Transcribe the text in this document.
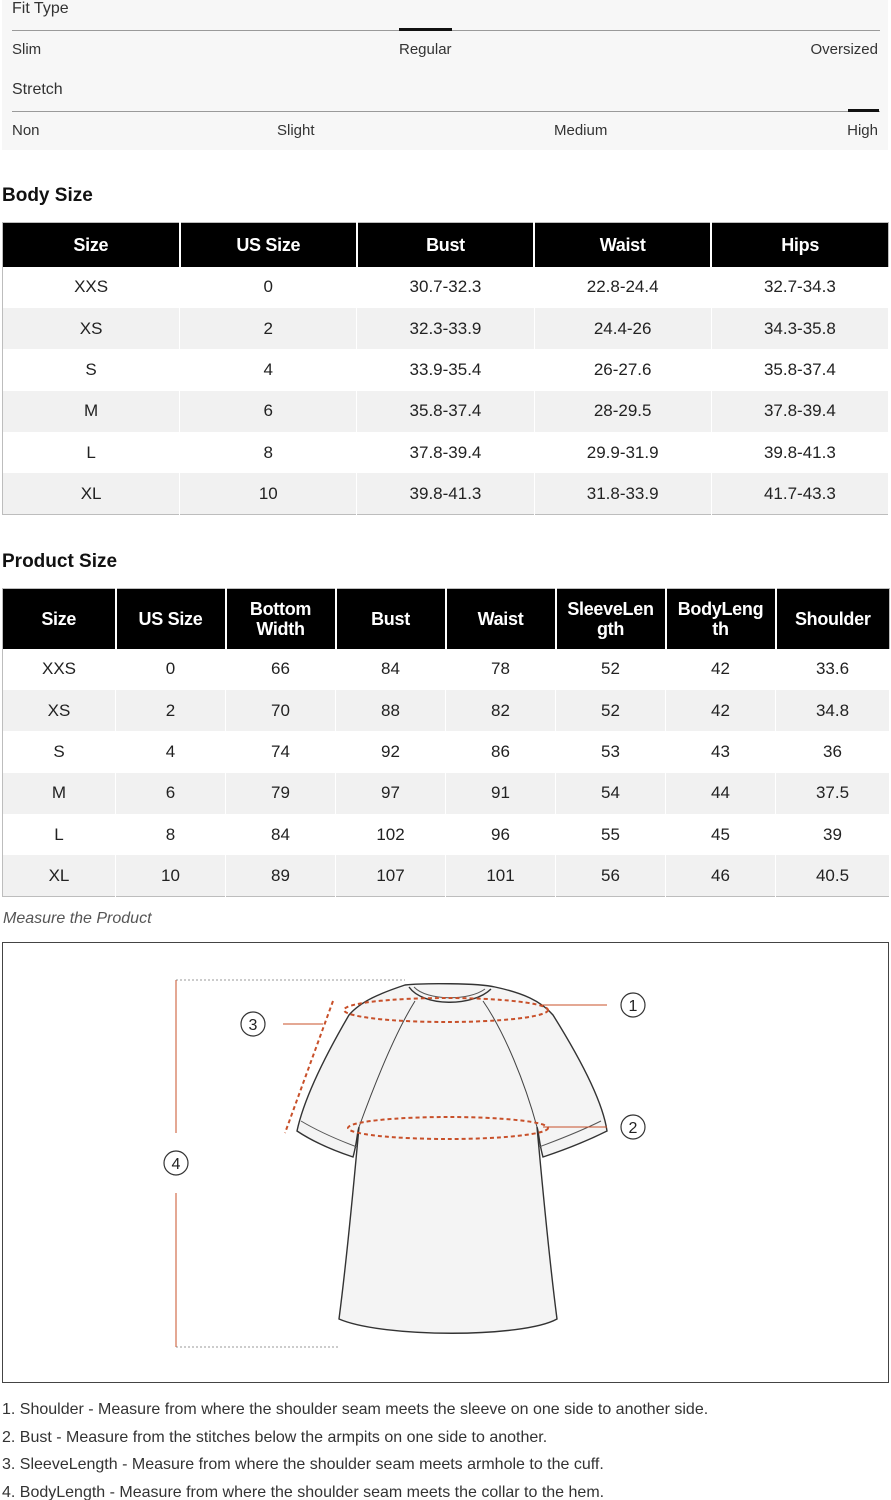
Fit Type
Slim	Regular	Oversized
Stretch
Non	Slight	Medium	High
Body Size
Size	US Size	Bust	Waist	Hips
XXS	0	30.7-32.3	22.8-24.4	32.7-34.3
XS	2	32.3-33.9	24.4-26	34.3-35.8
S	4	33.9-35.4	26-27.6	35.8-37.4
M	6	35.8-37.4	28-29.5	37.8-39.4
L	8	37.8-39.4	29.9-31.9	39.8-41.3
XL	10	39.8-41.3	31.8-33.9	41.7-43.3
Product Size
Size	US Size	Bottom Width	Bust	Waist	SleeveLength	BodyLength	Shoulder
XXS	0	66	84	78	52	42	33.6
XS	2	70	88	82	52	42	34.8
S	4	74	92	86	53	43	36
M	6	79	97	91	54	44	37.5
L	8	84	102	96	55	45	39
XL	10	89	107	101	56	46	40.5
Measure the Product
1
2
3
4
1. Shoulder - Measure from where the shoulder seam meets the sleeve on one side to another side.
2. Bust - Measure from the stitches below the armpits on one side to another.
3. SleeveLength - Measure from where the shoulder seam meets armhole to the cuff.
4. BodyLength - Measure from where the shoulder seam meets the collar to the hem.
